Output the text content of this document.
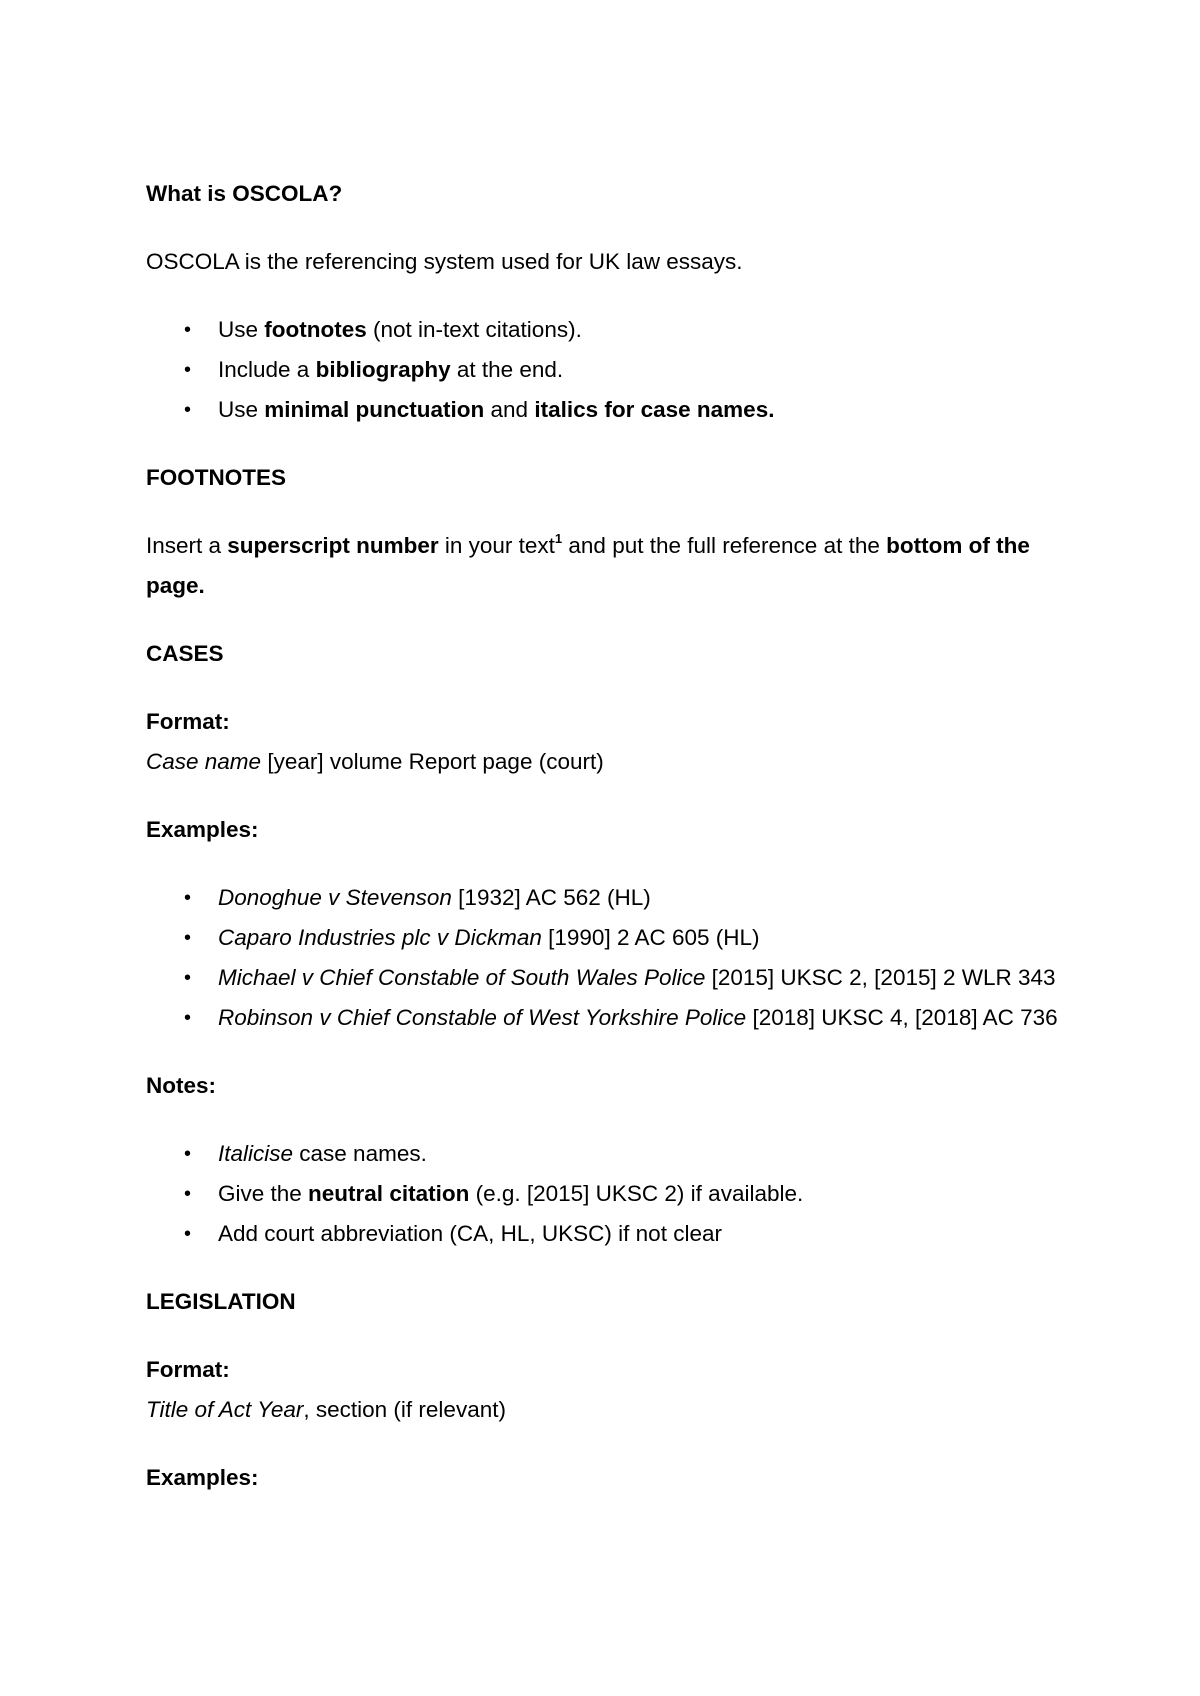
What is OSCOLA?

OSCOLA is the referencing system used for UK law essays.

• Use footnotes (not in-text citations).
• Include a bibliography at the end.
• Use minimal punctuation and italics for case names.

FOOTNOTES

Insert a superscript number in your text$^1$ and put the full reference at the bottom of the page.

CASES

Format:

Case name [year] volume Report page (court)

Examples:

• Donoghue v Stevenson [1932] AC 562 (HL)
• Caparo Industries plc v Dickman [1990] 2 AC 605 (HL)
• Michael v Chief Constable of South Wales Police [2015] UKSC 2, [2015] 2 WLR 343
• Robinson v Chief Constable of West Yorkshire Police [2018] UKSC 4, [2018] AC 736

Notes:

• Italicise case names.
• Give the neutral citation (e.g. [2015] UKSC 2) if available.
• Add court abbreviation (CA, HL, UKSC) if not clear

LEGISLATION

Format:

Title of Act Year, section (if relevant)

Examples:
